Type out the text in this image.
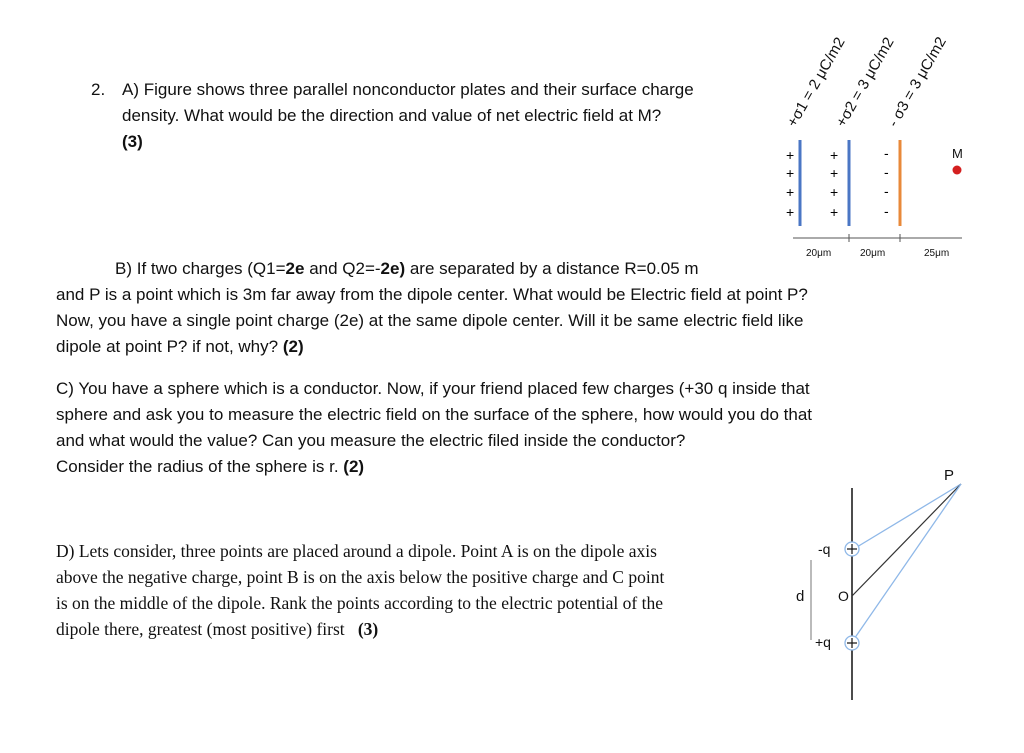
2. A) Figure shows three parallel nonconductor plates and their surface charge

density. What would be the direction and value of net electric field at M?

(3)

+σ1 = 2 μC/m2
+σ2 = 3 μC/m2
- σ3 = 3 μC/m2
+
+
+
+
+
+
+
+
-
-
-
-
M
20μm	20μm	25μm

B) If two charges (Q1=2e and Q2=-2e) are separated by a distance R=0.05 m

and P is a point which is 3m far away from the dipole center. What would be Electric field at point P?

Now, you have a single point charge (2e) at the same dipole center. Will it be same electric field like

dipole at point P? if not, why? (2)

C) You have a sphere which is a conductor. Now, if your friend placed few charges (+30 q inside that

sphere and ask you to measure the electric field on the surface of the sphere, how would you do that

and what would the value? Can you measure the electric filed inside the conductor?

Consider the radius of the sphere is r. (2)

D) Lets consider, three points are placed around a dipole. Point A is on the dipole axis

above the negative charge, point B is on the axis below the positive charge and C point

is on the middle of the dipole. Rank the points according to the electric potential of the

dipole there, greatest (most positive) first (3)

P
-q
O
d
+q
